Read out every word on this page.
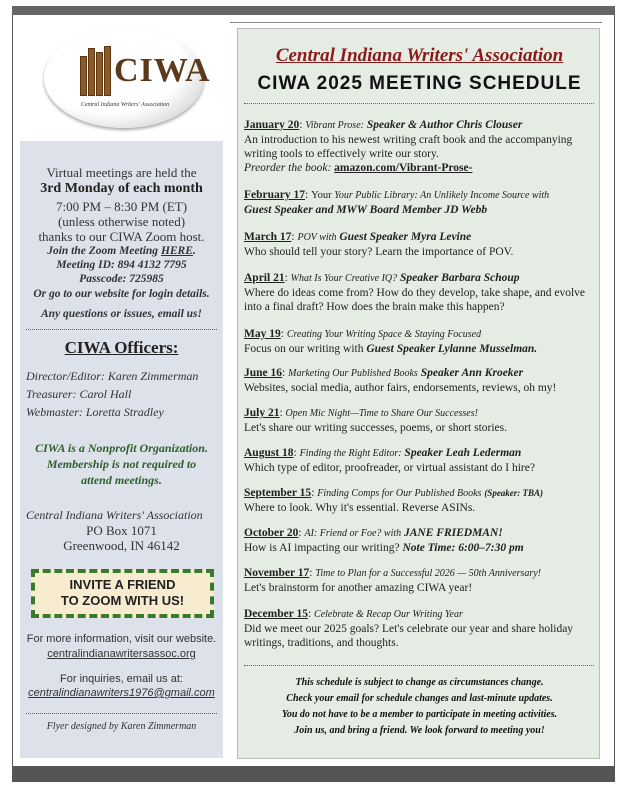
CIWA
Central Indiana Writers' Association
Virtual meetings are held the
3rd Monday of each month
7:00 PM – 8:30 PM (ET)
(unless otherwise noted)
thanks to our CIWA Zoom host.
Join the Zoom Meeting HERE.
Meeting ID: 894 4132 7795
Passcode: 725985
Or go to our website for login details.
Any questions or issues, email us!
CIWA Officers:
Director/Editor: Karen Zimmerman
Treasurer: Carol Hall
Webmaster: Loretta Stradley
CIWA is a Nonprofit Organization.
Membership is not required to
attend meetings.
Central Indiana Writers' Association
PO Box 1071
Greenwood, IN 46142
INVITE A FRIEND
TO ZOOM WITH US!
For more information, visit our website.
centralindianawritersassoc.org
For inquiries, email us at:
centralindianawriters1976@gmail.com
Flyer designed by Karen Zimmerman
Central Indiana Writers' Association
CIWA 2025 MEETING SCHEDULE
January 20: Vibrant Prose: Speaker & Author Chris Clouser
An introduction to his newest writing craft book and the accompanying writing tools to effectively write our story.
Preorder the book: amazon.com/Vibrant-Prose-
February 17: Your Your Public Library: An Unlikely Income Source with
Guest Speaker and MWW Board Member JD Webb
March 17: POV with Guest Speaker Myra Levine
Who should tell your story? Learn the importance of POV.
April 21: What Is Your Creative IQ? Speaker Barbara Schoup
Where do ideas come from? How do they develop, take shape, and evolve into a final draft? How does the brain make this happen?
May 19: Creating Your Writing Space & Staying Focused
Focus on our writing with Guest Speaker Lylanne Musselman.
June 16: Marketing Our Published Books Speaker Ann Kroeker
Websites, social media, author fairs, endorsements, reviews, oh my!
July 21: Open Mic Night—Time to Share Our Successes!
Let's share our writing successes, poems, or short stories.
August 18: Finding the Right Editor: Speaker Leah Lederman
Which type of editor, proofreader, or virtual assistant do I hire?
September 15: Finding Comps for Our Published Books (Speaker: TBA)
Where to look. Why it's essential. Reverse ASINs.
October 20: AI: Friend or Foe? with JANE FRIEDMAN!
How is AI impacting our writing? Note Time: 6:00–7:30 pm
November 17: Time to Plan for a Successful 2026 — 50th Anniversary!
Let's brainstorm for another amazing CIWA year!
December 15: Celebrate & Recap Our Writing Year
Did we meet our 2025 goals? Let's celebrate our year and share holiday writings, traditions, and thoughts.
This schedule is subject to change as circumstances change.
Check your email for schedule changes and last-minute updates.
You do not have to be a member to participate in meeting activities.
Join us, and bring a friend. We look forward to meeting you!
